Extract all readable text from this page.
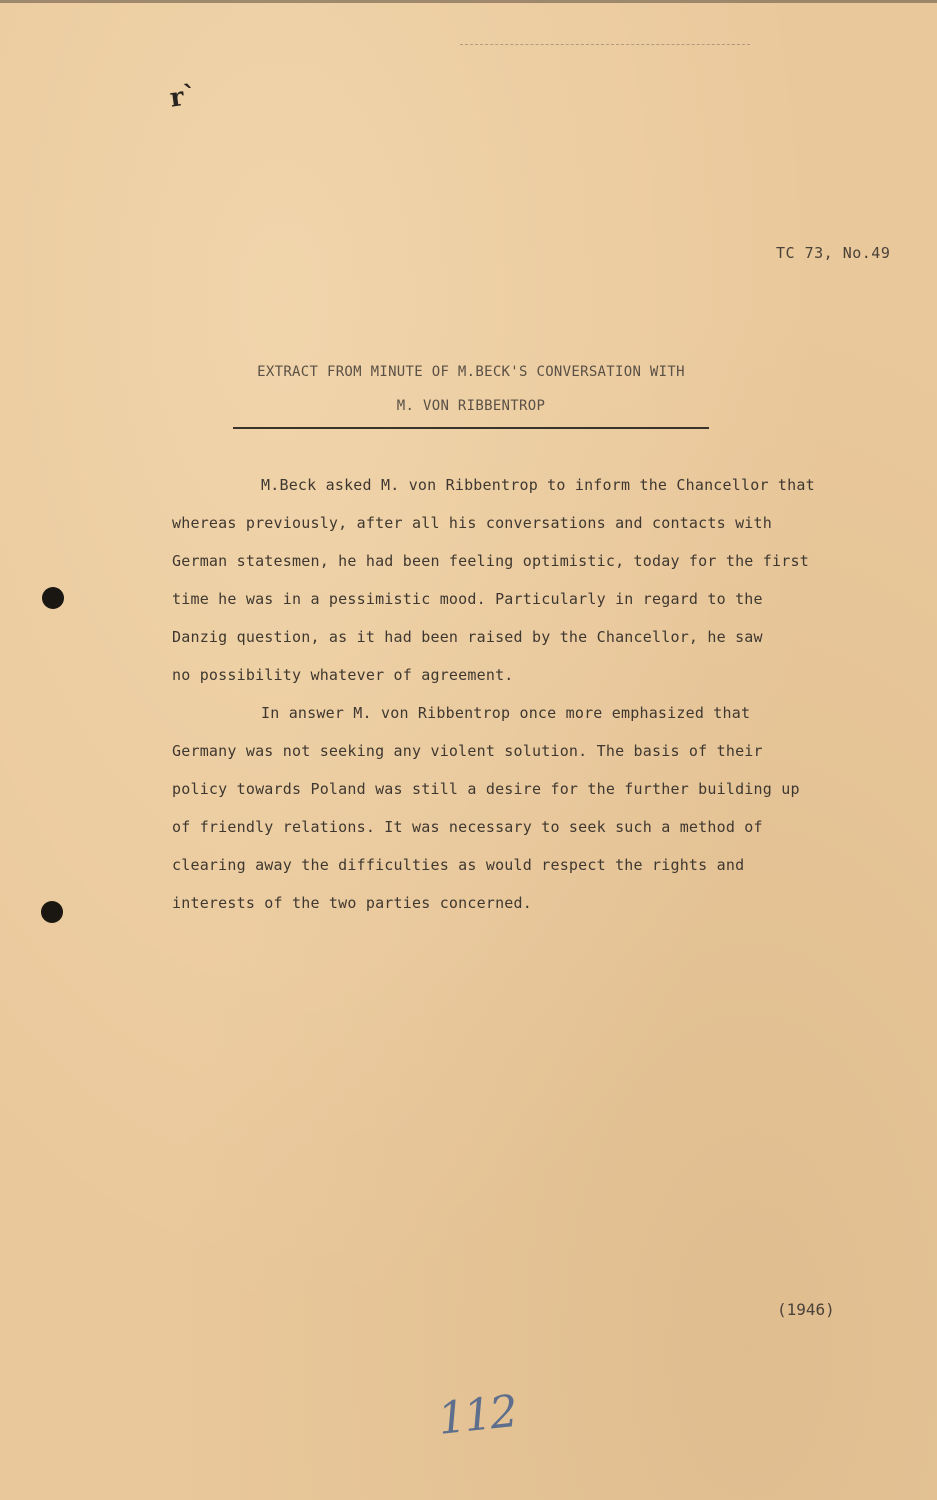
r`
TC 73, No.49
EXTRACT FROM MINUTE OF M.BECK'S CONVERSATION WITH
M. VON RIBBENTROP
M.Beck asked M. von Ribbentrop to inform the Chancellor that
whereas previously, after all his conversations and contacts with
German statesmen, he had been feeling optimistic, today for the first
time he was in a pessimistic mood. Particularly in regard to the
Danzig question, as it had been raised by the Chancellor, he saw
no possibility whatever of agreement.
In answer M. von Ribbentrop once more emphasized that
Germany was not seeking any violent solution. The basis of their
policy towards Poland was still a desire for the further building up
of friendly relations. It was necessary to seek such a method of
clearing away the difficulties as would respect the rights and
interests of the two parties concerned.
(1946)
112
